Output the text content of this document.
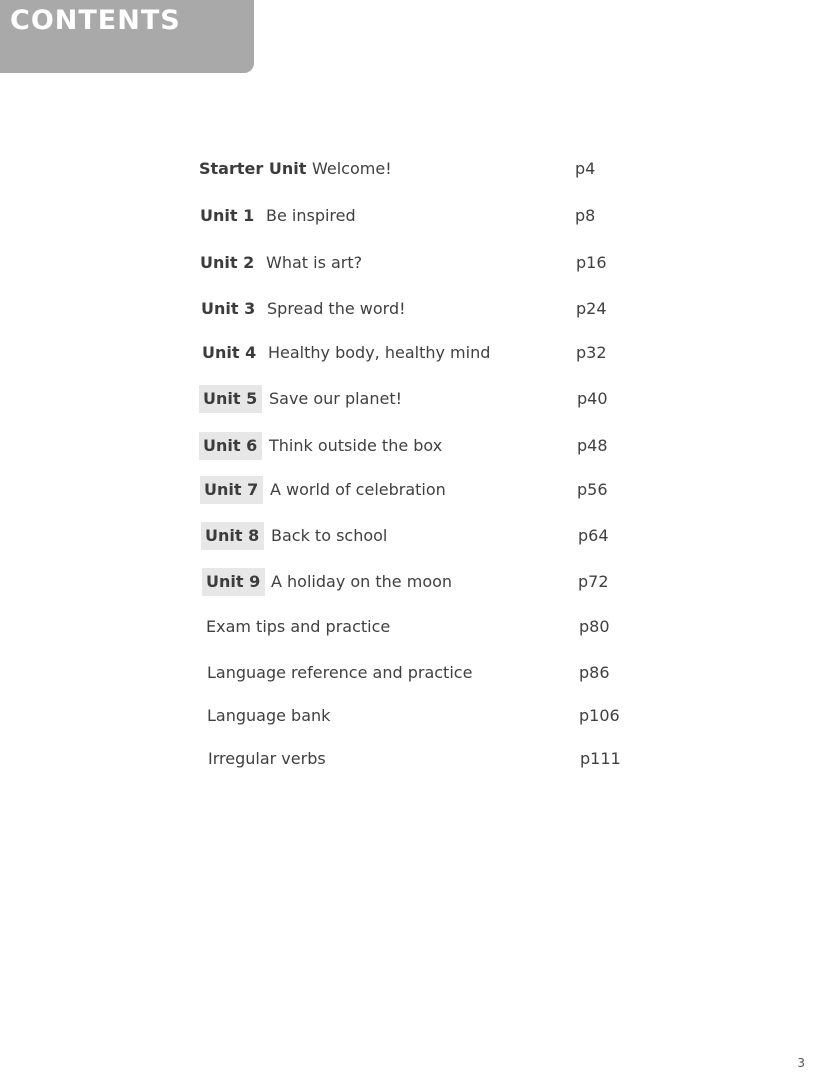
CONTENTS
Starter Unit Welcome!	p4
Unit 1 Be inspired	p8
Unit 2 What is art?	p16
Unit 3 Spread the word!	p24
Unit 4 Healthy body, healthy mind	p32
Unit 5 Save our planet!	p40
Unit 6 Think outside the box	p48
Unit 7 A world of celebration	p56
Unit 8 Back to school	p64
Unit 9 A holiday on the moon	p72
Exam tips and practice	p80
Language reference and practice	p86
Language bank	p106
Irregular verbs	p111
3
